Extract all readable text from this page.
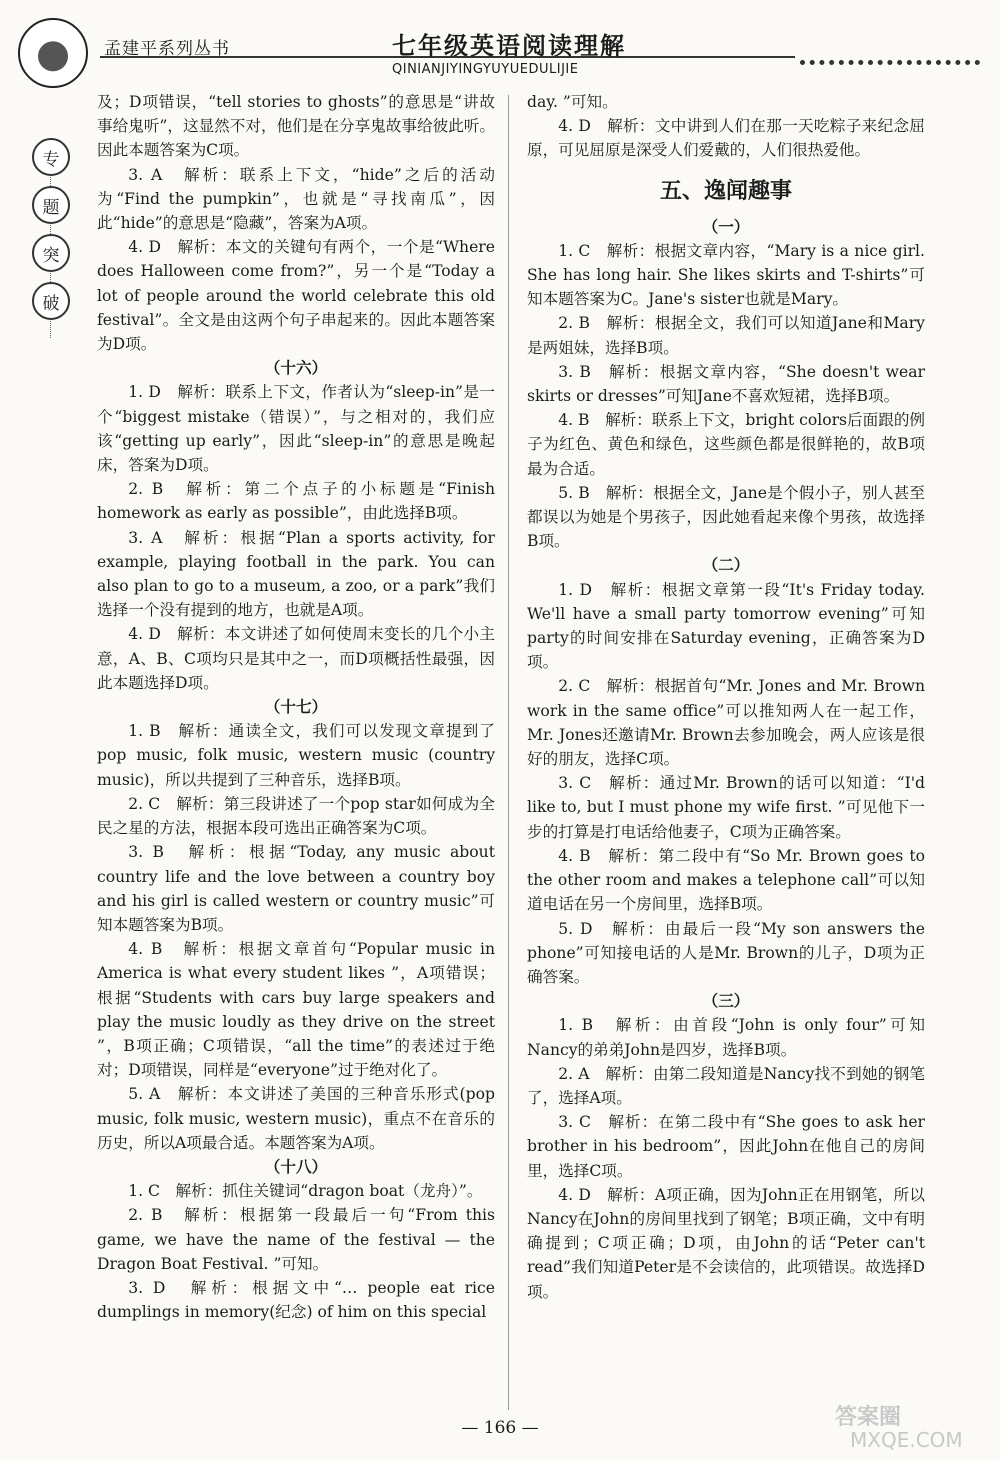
孟建平系列丛书	七年级英语阅读理解
QINIANJIYINGYUYUEDULIJIE
专
题
突
破
及；D项错误，“tell stories to ghosts”的意思是“讲故事给鬼听”，这显然不对，他们是在分享鬼故事给彼此听。因此本题答案为C项。
3. A　解析：联系上下文，“hide”之后的活动为“Find the pumpkin”，也就是“寻找南瓜”，因此“hide”的意思是“隐藏”，答案为A项。
4. D　解析：本文的关键句有两个，一个是“Where does Halloween come from?”，另一个是“Today a lot of people around the world celebrate this old festival”。全文是由这两个句子串起来的。因此本题答案为D项。
（十六）
1. D　解析：联系上下文，作者认为“sleep-in”是一个“biggest mistake（错误）”，与之相对的，我们应该“getting up early”，因此“sleep-in”的意思是晚起床，答案为D项。
2. B　解析：第二个点子的小标题是“Finish homework as early as possible”，由此选择B项。
3. A　解析：根据“Plan a sports activity, for example, playing football in the park. You can also plan to go to a museum, a zoo, or a park”我们选择一个没有提到的地方，也就是A项。
4. D　解析：本文讲述了如何使周末变长的几个小主意，A、B、C项均只是其中之一，而D项概括性最强，因此本题选择D项。
（十七）
1. B　解析：通读全文，我们可以发现文章提到了pop music, folk music, western music (country music)，所以共提到了三种音乐，选择B项。
2. C　解析：第三段讲述了一个pop star如何成为全民之星的方法，根据本段可选出正确答案为C项。
3. B　解析：根据“Today, any music about country life and the love between a country boy and his girl is called western or country music”可知本题答案为B项。
4. B　解析：根据文章首句“Popular music in America is what every student likes ”，A项错误；根据“Students with cars buy large speakers and play the music loudly as they drive on the street ”，B项正确；C项错误，“all the time”的表述过于绝对；D项错误，同样是“everyone”过于绝对化了。
5. A　解析：本文讲述了美国的三种音乐形式(pop music, folk music, western music)，重点不在音乐的历史，所以A项最合适。本题答案为A项。
（十八）
1. C　解析：抓住关键词“dragon boat（龙舟）”。
2. B　解析：根据第一段最后一句“From this game, we have the name of the festival — the Dragon Boat Festival. ”可知。
3. D　解析：根据文中“… people eat rice dumplings in memory(纪念) of him on this special
day. ”可知。
4. D　解析：文中讲到人们在那一天吃粽子来纪念屈原，可见屈原是深受人们爱戴的，人们很热爱他。
五、逸闻趣事
（一）
1. C　解析：根据文章内容，“Mary is a nice girl. She has long hair. She likes skirts and T-shirts”可知本题答案为C。Jane's sister也就是Mary。
2. B　解析：根据全文，我们可以知道Jane和Mary是两姐妹，选择B项。
3. B　解析：根据文章内容，“She doesn't wear skirts or dresses”可知Jane不喜欢短裙，选择B项。
4. B　解析：联系上下文，bright colors后面跟的例子为红色、黄色和绿色，这些颜色都是很鲜艳的，故B项最为合适。
5. B　解析：根据全文，Jane是个假小子，别人甚至都误以为她是个男孩子，因此她看起来像个男孩，故选择B项。
（二）
1. D　解析：根据文章第一段“It's Friday today. We'll have a small party tomorrow evening”可知party的时间安排在Saturday evening，正确答案为D项。
2. C　解析：根据首句“Mr. Jones and Mr. Brown work in the same office”可以推知两人在一起工作，Mr. Jones还邀请Mr. Brown去参加晚会，两人应该是很好的朋友，选择C项。
3. C　解析：通过Mr. Brown的话可以知道：“I'd like to, but I must phone my wife first. ”可见他下一步的打算是打电话给他妻子，C项为正确答案。
4. B　解析：第二段中有“So Mr. Brown goes to the other room and makes a telephone call”可以知道电话在另一个房间里，选择B项。
5. D　解析：由最后一段“My son answers the phone”可知接电话的人是Mr. Brown的儿子，D项为正确答案。
（三）
1. B　解析：由首段“John is only four”可知Nancy的弟弟John是四岁，选择B项。
2. A　解析：由第二段知道是Nancy找不到她的钢笔了，选择A项。
3. C　解析：在第二段中有“She goes to ask her brother in his bedroom”，因此John在他自己的房间里，选择C项。
4. D　解析：A项正确，因为John正在用钢笔，所以Nancy在John的房间里找到了钢笔；B项正确，文中有明确提到；C项正确；D项，由John的话“Peter can't read”我们知道Peter是不会读信的，此项错误。故选择D项。
— 166 —	答案圈
MXQE.COM
